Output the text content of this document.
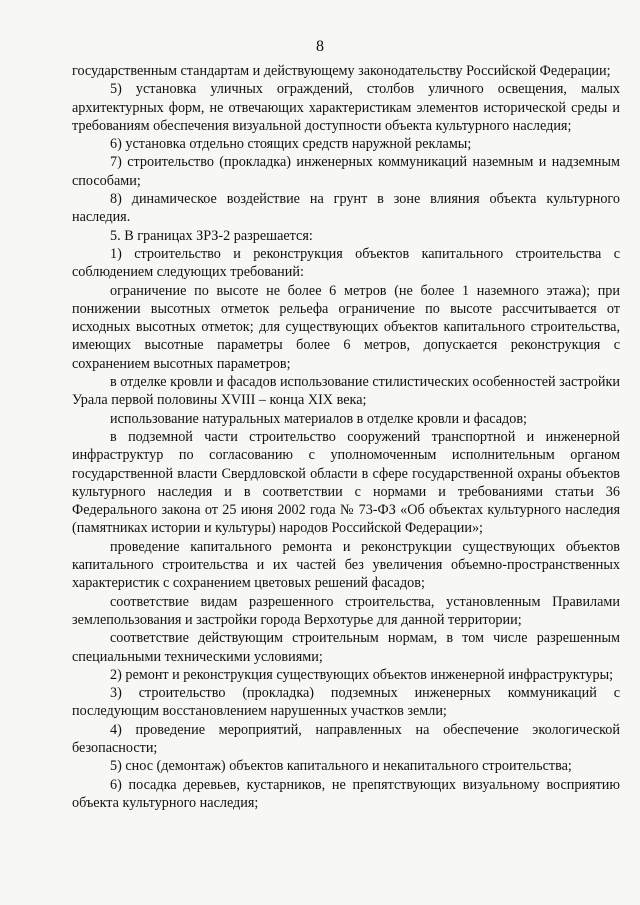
8

государственным стандартам и действующему законодательству Российской Федерации;

5) установка уличных ограждений, столбов уличного освещения, малых архитектурных форм, не отвечающих характеристикам элементов исторической среды и требованиям обеспечения визуальной доступности объекта культурного наследия;

6) установка отдельно стоящих средств наружной рекламы;

7) строительство (прокладка) инженерных коммуникаций наземным и надземным способами;

8) динамическое воздействие на грунт в зоне влияния объекта культурного наследия.

5. В границах ЗРЗ-2 разрешается:

1) строительство и реконструкция объектов капитального строительства с соблюдением следующих требований:

ограничение по высоте не более 6 метров (не более 1 наземного этажа); при понижении высотных отметок рельефа ограничение по высоте рассчитывается от исходных высотных отметок; для существующих объектов капитального строительства, имеющих высотные параметры более 6 метров, допускается реконструкция с сохранением высотных параметров;

в отделке кровли и фасадов использование стилистических особенностей застройки Урала первой половины XVIII – конца XIX века;

использование натуральных материалов в отделке кровли и фасадов;

в подземной части строительство сооружений транспортной и инженерной инфраструктур по согласованию с уполномоченным исполнительным органом государственной власти Свердловской области в сфере государственной охраны объектов культурного наследия и в соответствии с нормами и требованиями статьи 36 Федерального закона от 25 июня 2002 года № 73-ФЗ «Об объектах культурного наследия (памятниках истории и культуры) народов Российской Федерации»;

проведение капитального ремонта и реконструкции существующих объектов капитального строительства и их частей без увеличения объемно-пространственных характеристик с сохранением цветовых решений фасадов;

соответствие видам разрешенного строительства, установленным Правилами землепользования и застройки города Верхотурье для данной территории;

соответствие действующим строительным нормам, в том числе разрешенным специальными техническими условиями;

2) ремонт и реконструкция существующих объектов инженерной инфраструктуры;

3) строительство (прокладка) подземных инженерных коммуникаций с последующим восстановлением нарушенных участков земли;

4) проведение мероприятий, направленных на обеспечение экологической безопасности;

5) снос (демонтаж) объектов капитального и некапитального строительства;

6) посадка деревьев, кустарников, не препятствующих визуальному восприятию объекта культурного наследия;
